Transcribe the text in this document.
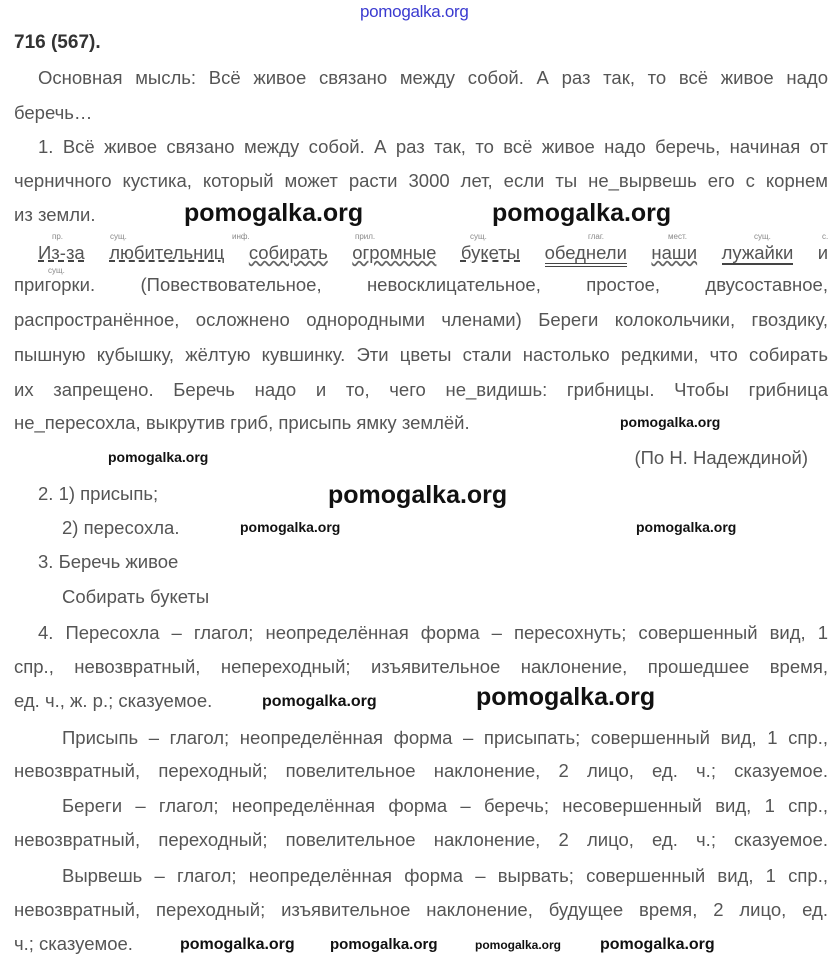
pomogalka.org
716 (567).
Основная мысль: Всё живое связано между собой. А раз так, то всё живое надо
беречь…
1. Всё живое связано между собой. А раз так, то всё живое надо беречь, начиная от
черничного кустика, который может расти 3000 лет, если ты не_вырвешь его с корнем
из земли.
пр.	сущ.	инф.	прил.	сущ.	глаг.	мест.	сущ.	с.
сущ.
Из-за любительниц собирать огромные букеты обеднели наши лужайки и
пригорки. (Повествовательное, невосклицательное, простое, двусоставное,
распространённое, осложнено однородными членами) Береги колокольчики, гвоздику,
пышную кубышку, жёлтую кувшинку. Эти цветы стали настолько редкими, что собирать
их запрещено. Беречь надо и то, чего не_видишь: грибницы. Чтобы грибница
не_пересохла, выкрутив гриб, присыпь ямку землёй.
(По Н. Надеждиной)
2. 1) присыпь;
2) пересохла.
3. Беречь живое
Собирать букеты
4. Пересохла – глагол; неопределённая форма – пересохнуть; совершенный вид, 1
спр., невозвратный, непереходный; изъявительное наклонение, прошедшее время,
ед. ч., ж. р.; сказуемое.
Присыпь – глагол; неопределённая форма – присыпать; совершенный вид, 1 спр.,
невозвратный, переходный; повелительное наклонение, 2 лицо, ед. ч.; сказуемое.
Береги – глагол; неопределённая форма – беречь; несовершенный вид, 1 спр.,
невозвратный, переходный; повелительное наклонение, 2 лицо, ед. ч.; сказуемое.
Вырвешь – глагол; неопределённая форма – вырвать; совершенный вид, 1 спр.,
невозвратный, переходный; изъявительное наклонение, будущее время, 2 лицо, ед.
ч.; сказуемое.
pomogalka.org	pomogalka.org
pomogalka.org
pomogalka.org
pomogalka.org
pomogalka.org	pomogalka.org
pomogalka.org	pomogalka.org
pomogalka.org pomogalka.org	pomogalka.org pomogalka.org
